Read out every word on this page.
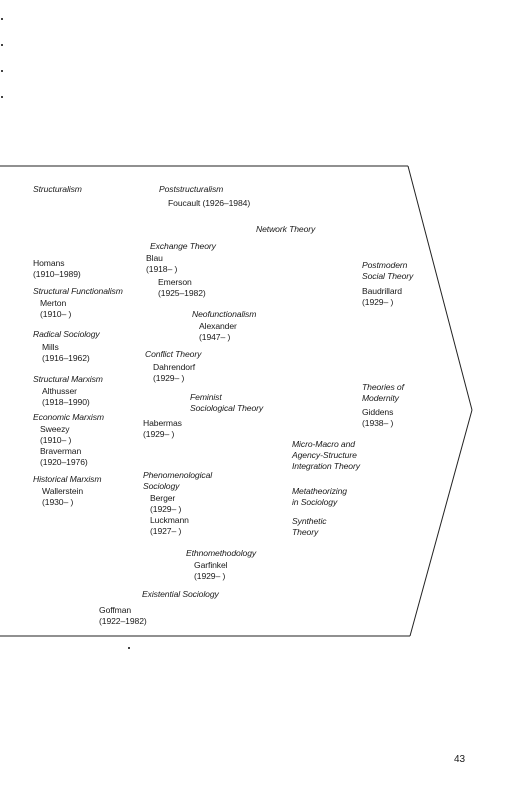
Structuralism	Poststructuralism
Foucault (1926–1984)
Network Theory
Exchange Theory
Blau
(1918– )
Emerson
(1925–1982)
Homans
(1910–1989)
Postmodern
Social Theory
Baudrillard
(1929– )
Structural Functionalism
Merton
(1910– )	Neofunctionalism
Alexander
(1947– )
Radical Sociology
Mills
(1916–1962)	Conflict Theory
Dahrendorf
(1929– )
Structural Marxism
Althusser
(1918–1990)
Theories of
Modernity
Giddens
(1938– )
Feminist
Sociological Theory
Economic Marxism
Sweezy
(1910– )
Braverman
(1920–1976)
Habermas
(1929– )
Micro-Macro and
Agency-Structure
Integration Theory
Historical Marxism
Wallerstein
(1930– )
Phenomenological
Sociology
Berger
(1929– )
Luckmann
(1927– )
Metatheorizing
in Sociology
Synthetic
Theory
Ethnomethodology
Garfinkel
(1929– )
Existential Sociology
Goffman
(1922–1982)
43
